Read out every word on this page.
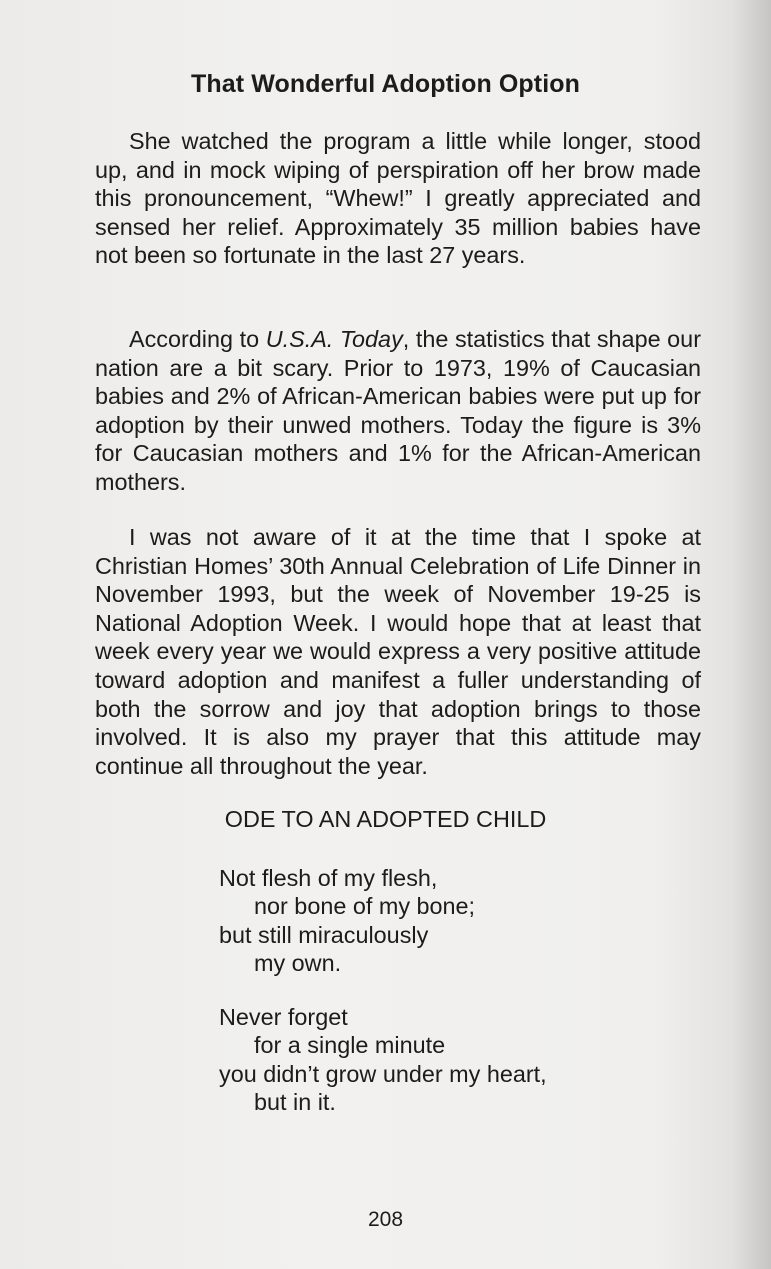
That Wonderful Adoption Option
She watched the program a little while longer, stood up, and in mock wiping of perspiration off her brow made this pronouncement, “Whew!” I greatly appreciated and sensed her relief. Approximately 35 million babies have not been so fortunate in the last 27 years.
According to U.S.A. Today, the statistics that shape our nation are a bit scary. Prior to 1973, 19% of Caucasian babies and 2% of African-American babies were put up for adoption by their unwed mothers. Today the figure is 3% for Caucasian mothers and 1% for the African-American mothers.
I was not aware of it at the time that I spoke at Christian Homes’ 30th Annual Celebration of Life Dinner in November 1993, but the week of November 19-25 is National Adoption Week. I would hope that at least that week every year we would express a very positive attitude toward adoption and manifest a fuller understanding of both the sorrow and joy that adoption brings to those involved. It is also my prayer that this attitude may continue all throughout the year.
ODE TO AN ADOPTED CHILD
Not flesh of my flesh,
nor bone of my bone;
but still miraculously
my own.
Never forget
for a single minute
you didn’t grow under my heart,
but in it.
208
